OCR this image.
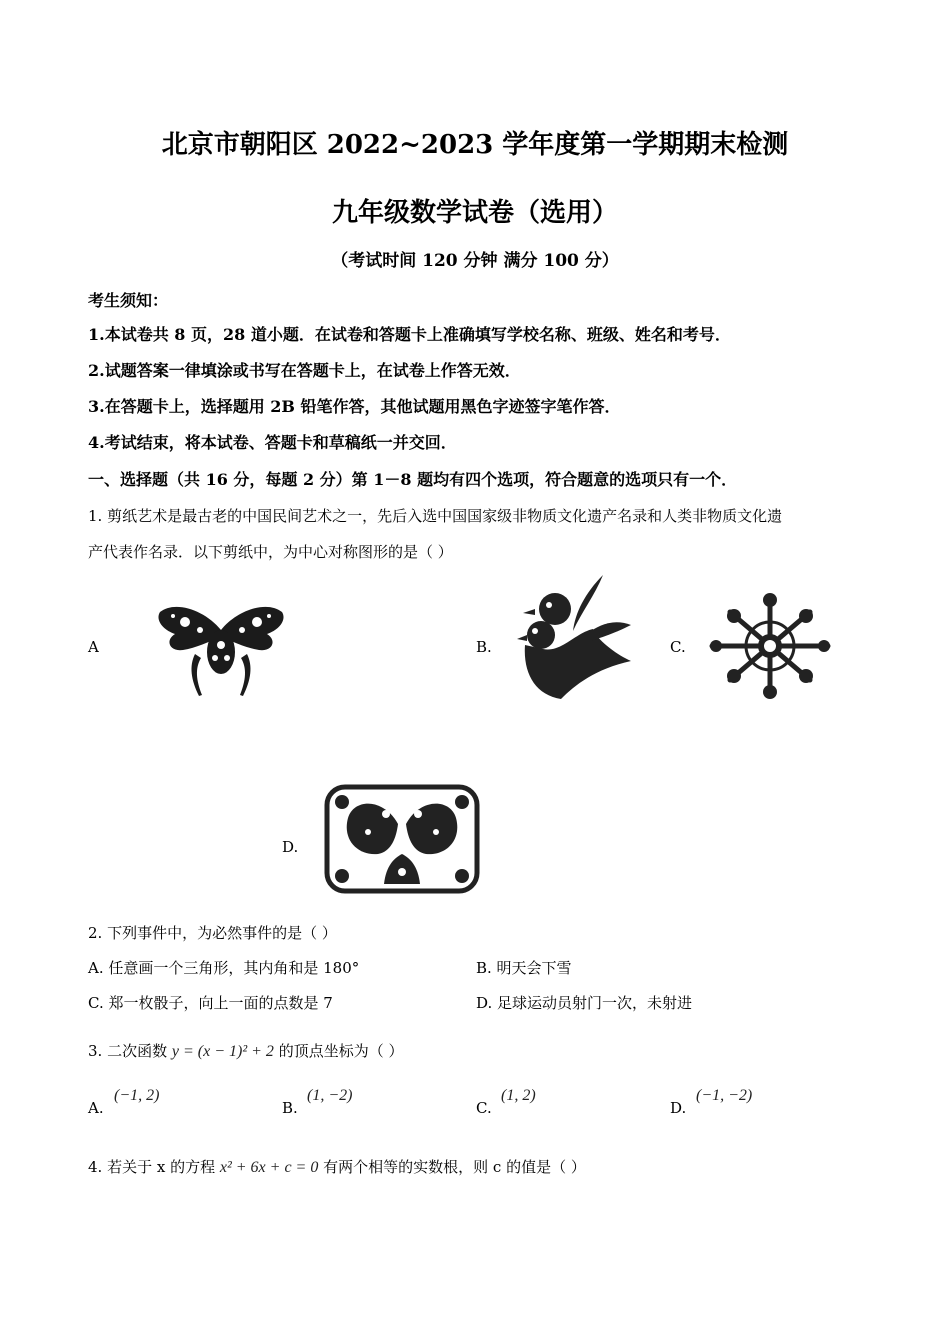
北京市朝阳区 2022~2023 学年度第一学期期末检测
九年级数学试卷（选用）
（考试时间 120 分钟 满分 100 分）
考生须知：
1.本试卷共 8 页，28 道小题．在试卷和答题卡上准确填写学校名称、班级、姓名和考号．
2.试题答案一律填涂或书写在答题卡上，在试卷上作答无效．
3.在答题卡上，选择题用 2B 铅笔作答，其他试题用黑色字迹签字笔作答．
4.考试结束，将本试卷、答题卡和草稿纸一并交回．
一、选择题（共 16 分，每题 2 分）第 1－8 题均有四个选项，符合题意的选项只有一个．
1. 剪纸艺术是最古老的中国民间艺术之一，先后入选中国国家级非物质文化遗产名录和人类非物质文化遗
产代表作名录．以下剪纸中，为中心对称图形的是（ ）
A	B.	C.
D.
2. 下列事件中，为必然事件的是（ ）
A. 任意画一个三角形，其内角和是 180°	B. 明天会下雪
C. 郑一枚骰子，向上一面的点数是 7	D. 足球运动员射门一次，未射进
3. 二次函数 y = (x − 1)² + 2 的顶点坐标为（ ）
A.
(−1, 2)
B.
(1, −2)
C.
(1, 2)
D.
(−1, −2)
4. 若关于 x 的方程 x² + 6x + c = 0 有两个相等的实数根，则 c 的值是（ ）
